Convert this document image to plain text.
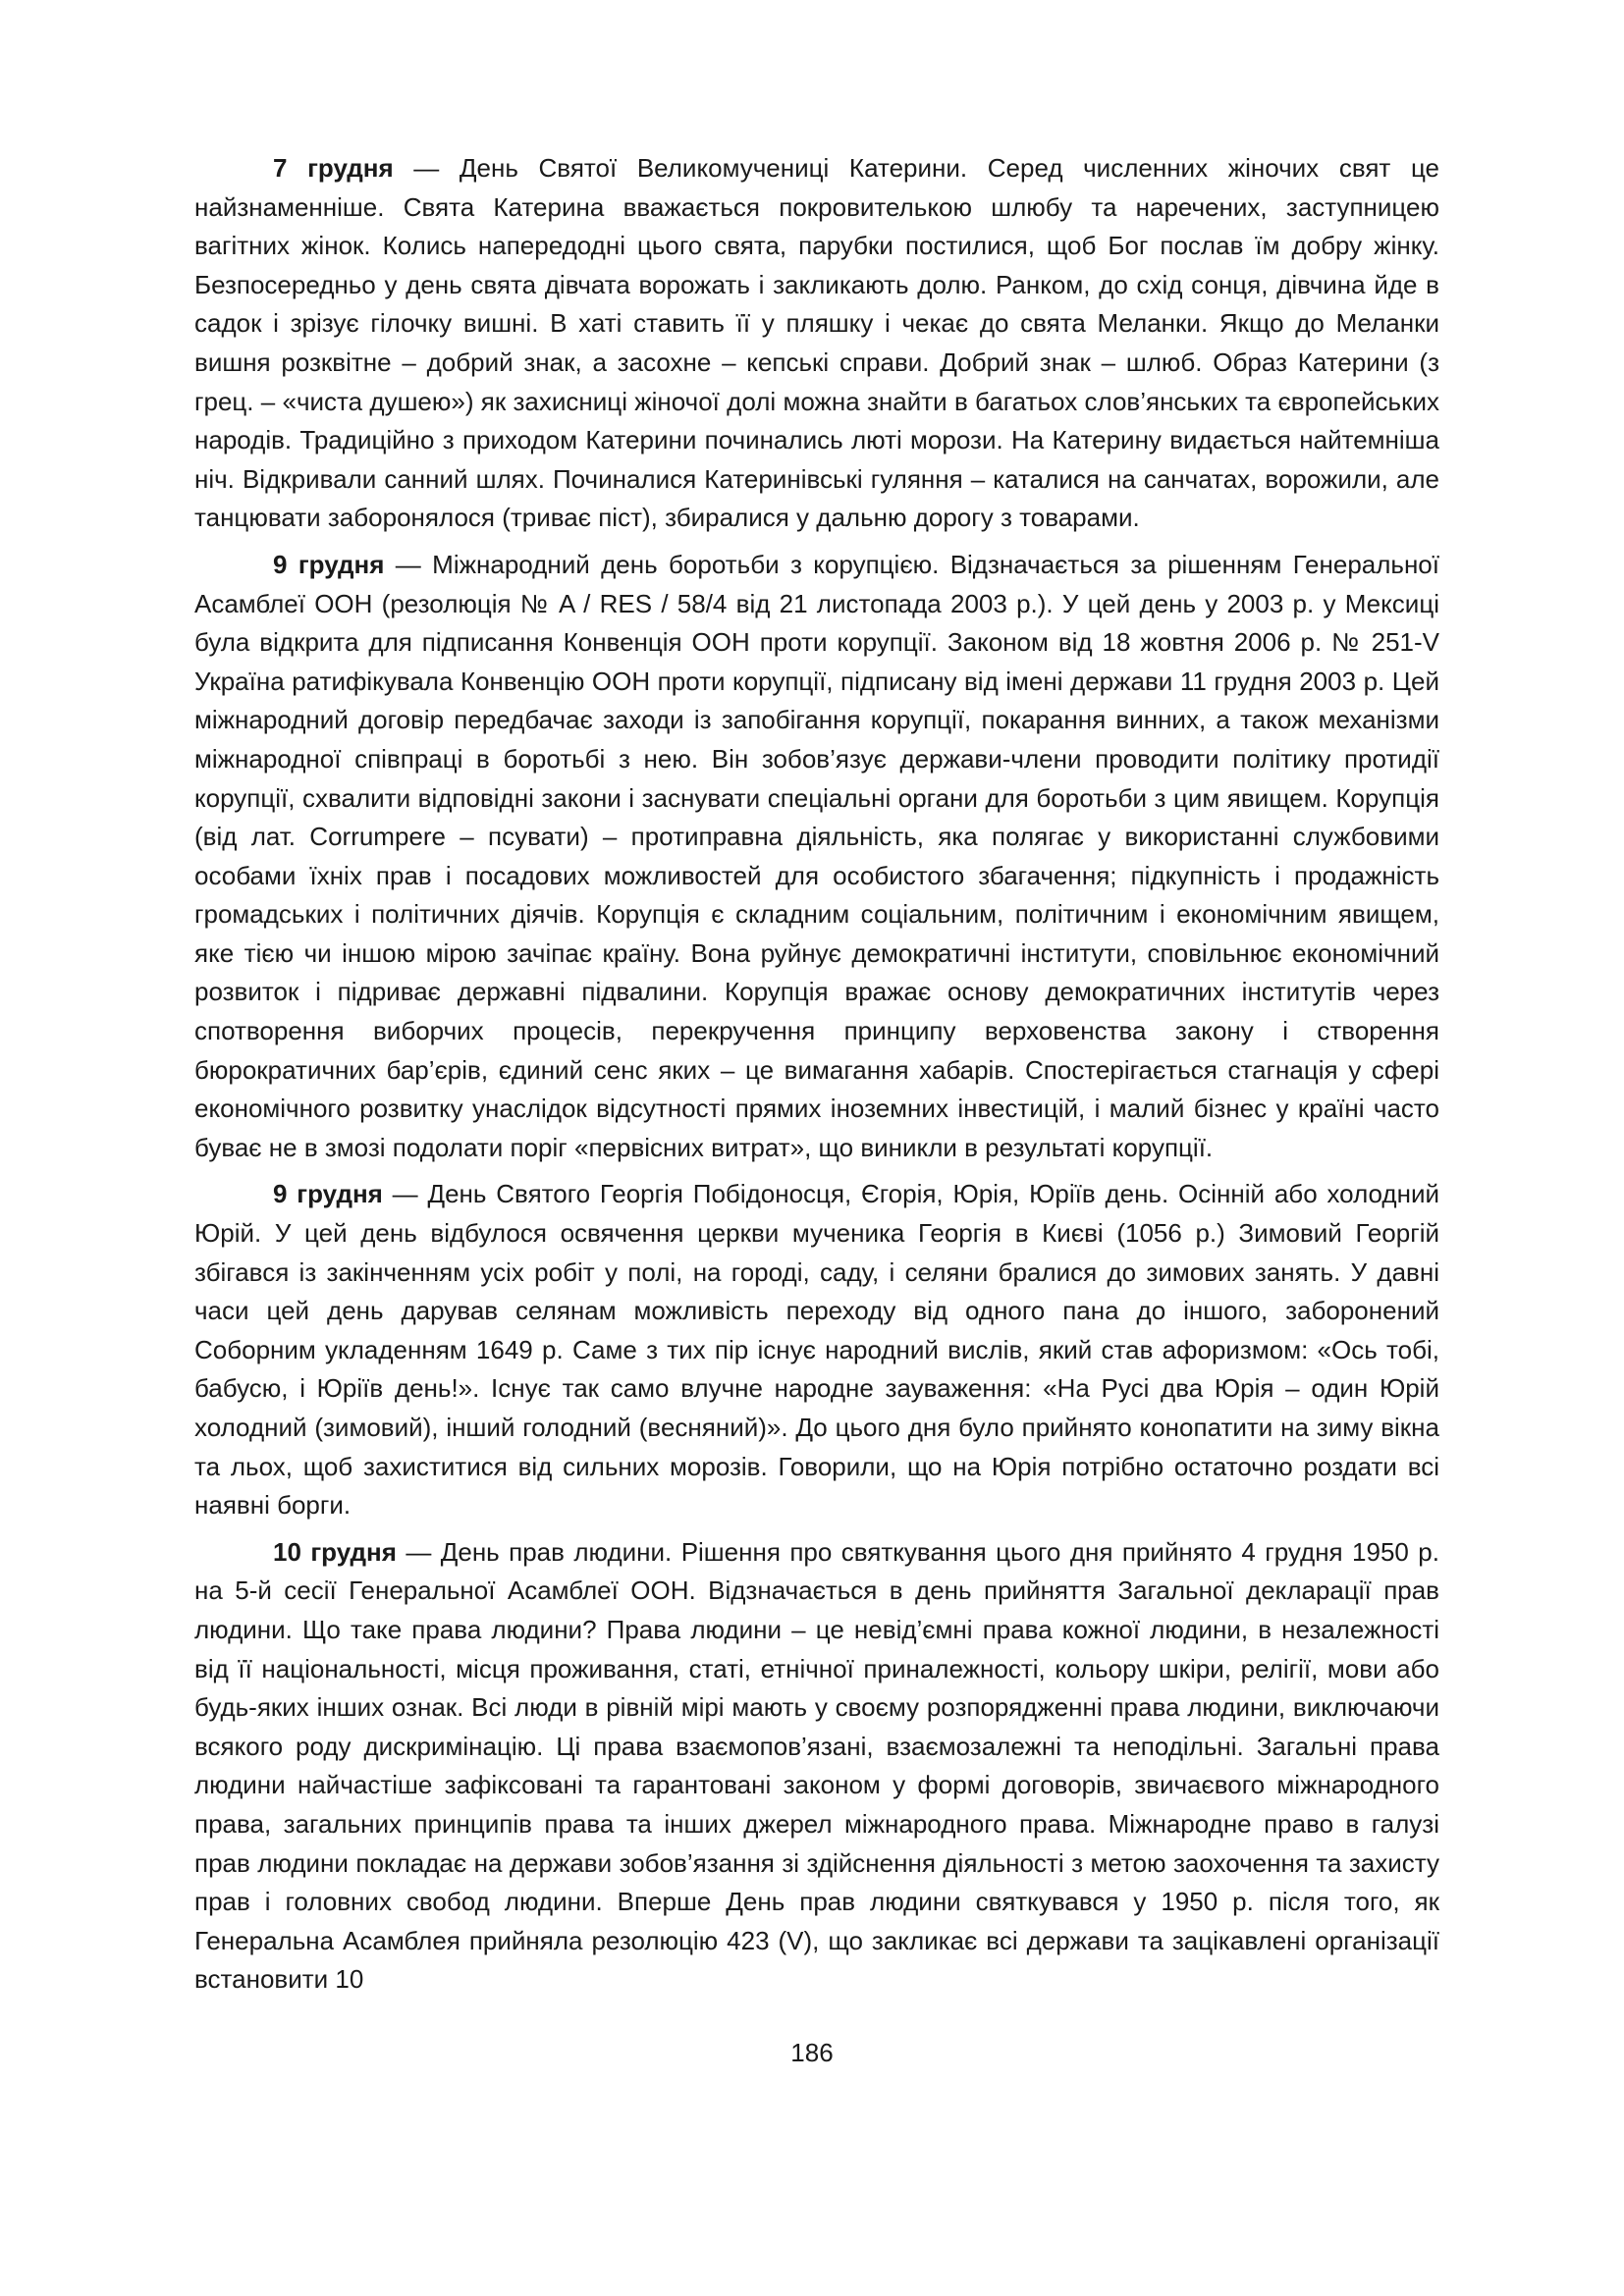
7 грудня — День Святої Великомучениці Катерини. Серед численних жіночих свят це найзнаменніше. Свята Катерина вважається покровителькою шлюбу та наречених, заступницею вагітних жінок. Колись напередодні цього свята, парубки постилися, щоб Бог послав їм добру жінку. Безпосередньо у день свята дівчата ворожать і закликають долю. Ранком, до схід сонця, дівчина йде в садок і зрізує гілочку вишні. В хаті ставить її у пляшку і чекає до свята Меланки. Якщо до Меланки вишня розквітне – добрий знак, а засохне – кепські справи. Добрий знак – шлюб. Образ Катерини (з грец. – «чиста душею») як захисниці жіночої долі можна знайти в багатьох слов’янських та європейських народів. Традиційно з приходом Катерини починались люті морози. На Катерину видається найтемніша ніч. Відкривали санний шлях. Починалися Катеринівські гуляння – каталися на санчатах, ворожили, але танцювати заборонялося (триває піст), збиралися у дальню дорогу з товарами.

9 грудня — Міжнародний день боротьби з корупцією. Відзначається за рішенням Генеральної Асамблеї ООН (резолюція № A / RES / 58/4 від 21 листопада 2003 р.). У цей день у 2003 р. у Мексиці була відкрита для підписання Конвенція ООН проти корупції. Законом від 18 жовтня 2006 р. № 251-V Україна ратифікувала Конвенцію ООН проти корупції, підписану від імені держави 11 грудня 2003 р. Цей міжнародний договір передбачає заходи із запобігання корупції, покарання винних, а також механізми міжнародної співпраці в боротьбі з нею. Він зобов’язує держави-члени проводити політику протидії корупції, схвалити відповідні закони і заснувати спеціальні органи для боротьби з цим явищем. Корупція (від лат. Corrumpere – псувати) – протиправна діяльність, яка полягає у використанні службовими особами їхніх прав і посадових можливостей для особистого збагачення; підкупність і продажність громадських і політичних діячів. Корупція є складним соціальним, політичним і економічним явищем, яке тією чи іншою мірою зачіпає країну. Вона руйнує демократичні інститути, сповільнює економічний розвиток і підриває державні підвалини. Корупція вражає основу демократичних інститутів через спотворення виборчих процесів, перекручення принципу верховенства закону і створення бюрократичних бар’єрів, єдиний сенс яких – це вимагання хабарів. Спостерігається стагнація у сфері економічного розвитку унаслідок відсутності прямих іноземних інвестицій, і малий бізнес у країні часто буває не в змозі подолати поріг «первісних витрат», що виникли в результаті корупції.

9 грудня — День Святого Георгія Побідоносця, Єгорія, Юрія, Юріїв день. Осінній або холодний Юрій. У цей день відбулося освячення церкви мученика Георгія в Києві (1056 р.) Зимовий Георгій збігався із закінченням усіх робіт у полі, на городі, саду, і селяни бралися до зимових занять. У давні часи цей день дарував селянам можливість переходу від одного пана до іншого, заборонений Соборним укладенням 1649 р. Саме з тих пір існує народний вислів, який став афоризмом: «Ось тобі, бабусю, і Юріїв день!». Існує так само влучне народне зауваження: «На Русі два Юрія – один Юрій холодний (зимовий), інший голодний (весняний)». До цього дня було прийнято конопатити на зиму вікна та льох, щоб захиститися від сильних морозів. Говорили, що на Юрія потрібно остаточно роздати всі наявні борги.

10 грудня — День прав людини. Рішення про святкування цього дня прийнято 4 грудня 1950 р. на 5-й сесії Генеральної Асамблеї ООН. Відзначається в день прийняття Загальної декларації прав людини. Що таке права людини? Права людини – це невід’ємні права кожної людини, в незалежності від її національності, місця проживання, статі, етнічної приналежності, кольору шкіри, релігії, мови або будь-яких інших ознак. Всі люди в рівній мірі мають у своєму розпорядженні права людини, виключаючи всякого роду дискримінацію. Ці права взаємопов’язані, взаємозалежні та неподільні. Загальні права людини найчастіше зафіксовані та гарантовані законом у формі договорів, звичаєвого міжнародного права, загальних принципів права та інших джерел міжнародного права. Міжнародне право в галузі прав людини покладає на держави зобов’язання зі здійснення діяльності з метою заохочення та захисту прав і головних свобод людини. Вперше День прав людини святкувався у 1950 р. після того, як Генеральна Асамблея прийняла резолюцію 423 (V), що закликає всі держави та зацікавлені організації встановити 10

186
